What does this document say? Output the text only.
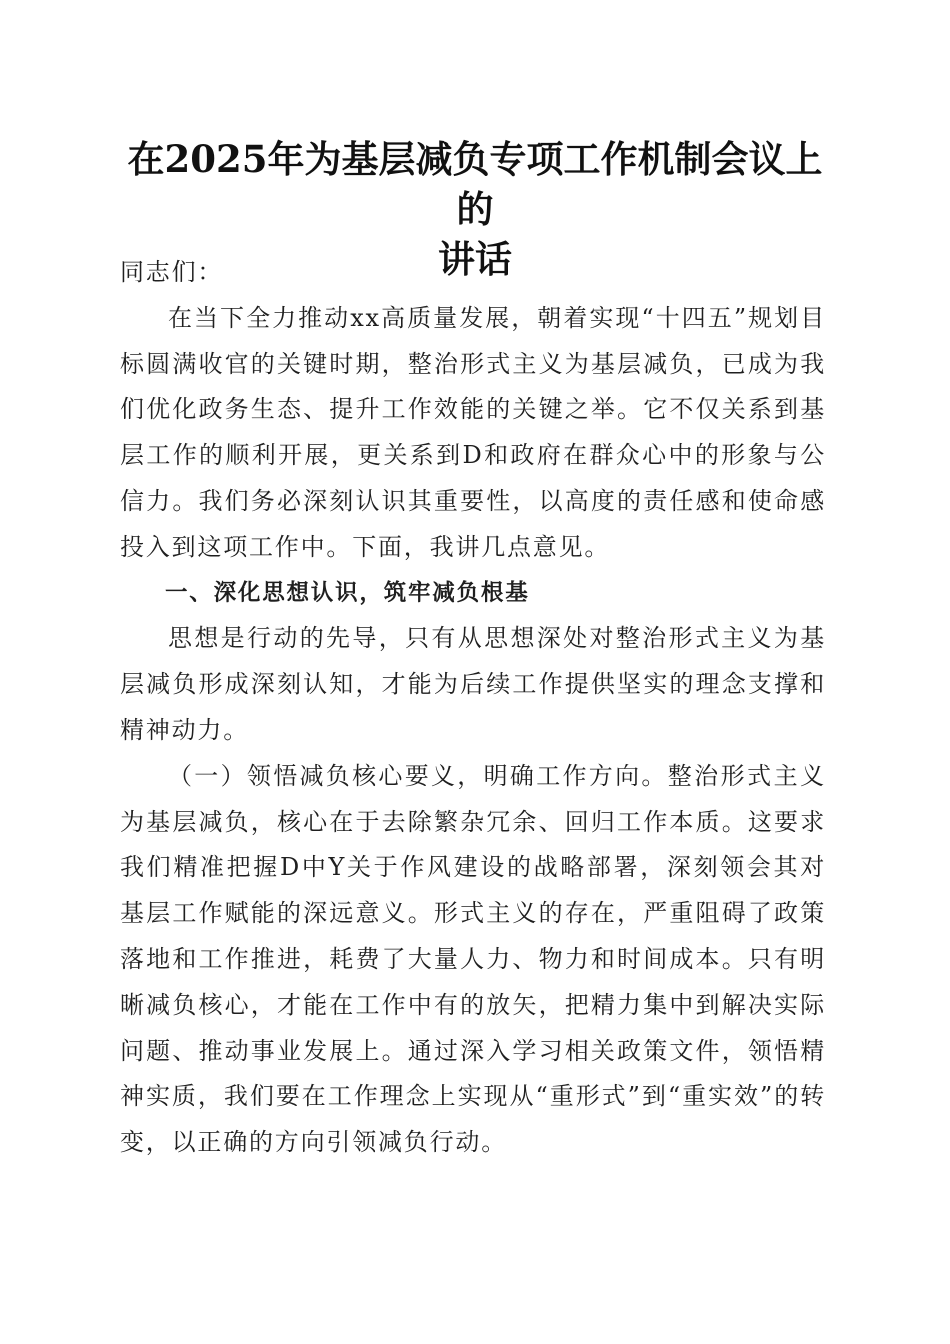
在2025年为基层减负专项工作机制会议上的
讲话

同志们：

在当下全力推动xx高质量发展，朝着实现“十四五”规划目标圆满收官的关键时期，整治形式主义为基层减负，已成为我们优化政务生态、提升工作效能的关键之举。它不仅关系到基层工作的顺利开展，更关系到D和政府在群众心中的形象与公信力。我们务必深刻认识其重要性，以高度的责任感和使命感投入到这项工作中。下面，我讲几点意见。

一、深化思想认识，筑牢减负根基

思想是行动的先导，只有从思想深处对整治形式主义为基层减负形成深刻认知，才能为后续工作提供坚实的理念支撑和精神动力。

（一）领悟减负核心要义，明确工作方向。整治形式主义为基层减负，核心在于去除繁杂冗余、回归工作本质。这要求我们精准把握D中Y关于作风建设的战略部署，深刻领会其对基层工作赋能的深远意义。形式主义的存在，严重阻碍了政策落地和工作推进，耗费了大量人力、物力和时间成本。只有明晰减负核心，才能在工作中有的放矢，把精力集中到解决实际问题、推动事业发展上。通过深入学习相关政策文件，领悟精神实质，我们要在工作理念上实现从“重形式”到“重实效”的转变，以正确的方向引领减负行动。
